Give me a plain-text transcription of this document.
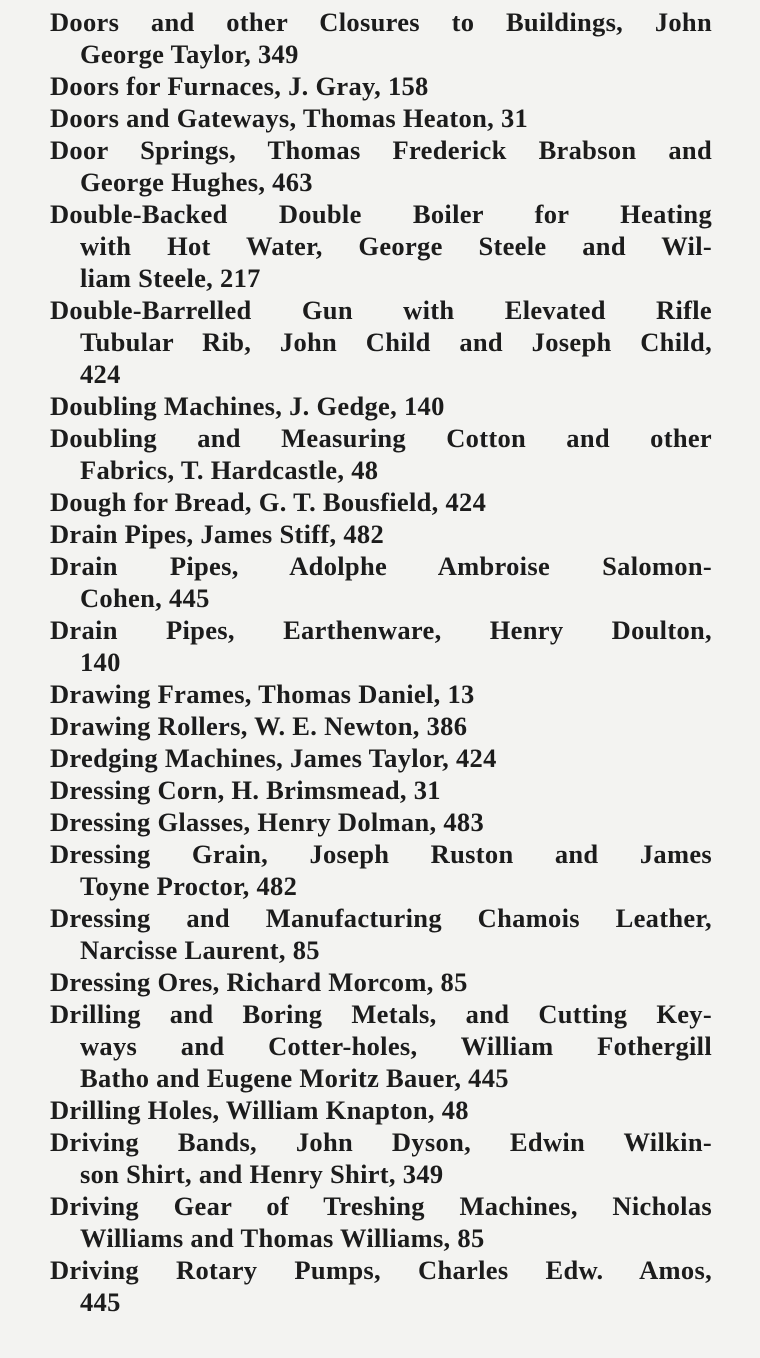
Doors and other Closures to Buildings, John
George Taylor, 349
Doors for Furnaces, J. Gray, 158
Doors and Gateways, Thomas Heaton, 31
Door Springs, Thomas Frederick Brabson and
George Hughes, 463
Double-Backed Double Boiler for Heating
with Hot Water, George Steele and Wil-
liam Steele, 217
Double-Barrelled Gun with Elevated Rifle
Tubular Rib, John Child and Joseph Child,
424
Doubling Machines, J. Gedge, 140
Doubling and Measuring Cotton and other
Fabrics, T. Hardcastle, 48
Dough for Bread, G. T. Bousfield, 424
Drain Pipes, James Stiff, 482
Drain Pipes, Adolphe Ambroise Salomon-
Cohen, 445
Drain Pipes, Earthenware, Henry Doulton,
140
Drawing Frames, Thomas Daniel, 13
Drawing Rollers, W. E. Newton, 386
Dredging Machines, James Taylor, 424
Dressing Corn, H. Brimsmead, 31
Dressing Glasses, Henry Dolman, 483
Dressing Grain, Joseph Ruston and James
Toyne Proctor, 482
Dressing and Manufacturing Chamois Leather,
Narcisse Laurent, 85
Dressing Ores, Richard Morcom, 85
Drilling and Boring Metals, and Cutting Key-
ways and Cotter-holes, William Fothergill
Batho and Eugene Moritz Bauer, 445
Drilling Holes, William Knapton, 48
Driving Bands, John Dyson, Edwin Wilkin-
son Shirt, and Henry Shirt, 349
Driving Gear of Treshing Machines, Nicholas
Williams and Thomas Williams, 85
Driving Rotary Pumps, Charles Edw. Amos,
445
